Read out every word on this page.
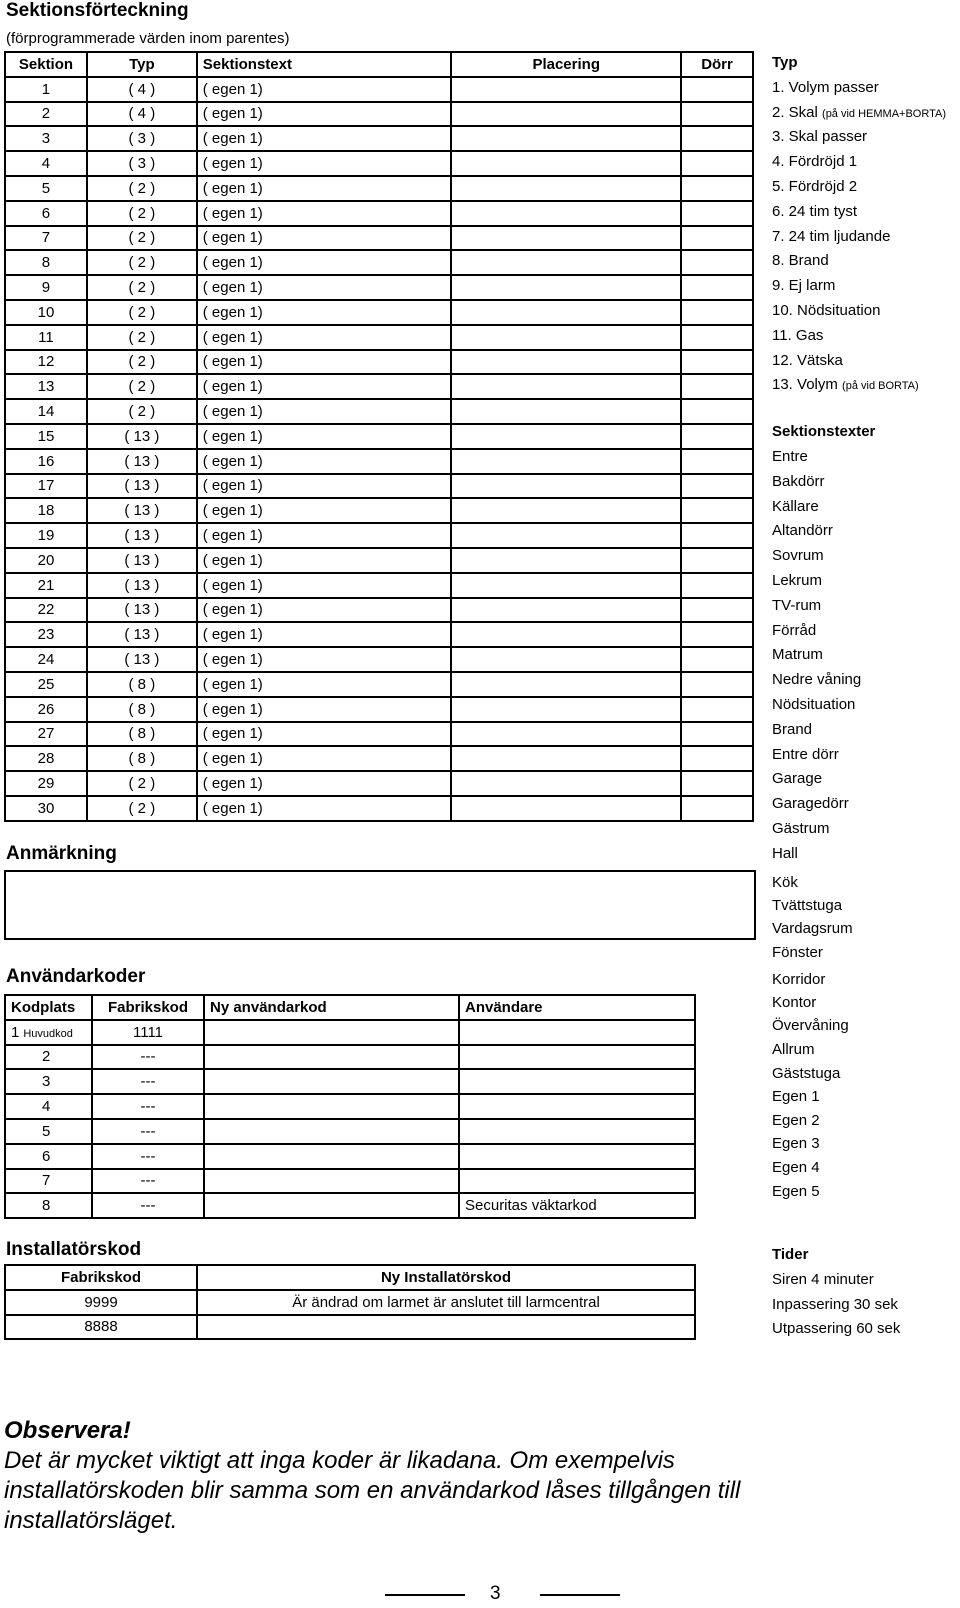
Sektionsförteckning
(förprogrammerade värden inom parentes)
Sektion	Typ	Sektionstext	Placering	Dörr
1	( 4 )	( egen 1)		
2	( 4 )	( egen 1)		
3	( 3 )	( egen 1)		
4	( 3 )	( egen 1)		
5	( 2 )	( egen 1)		
6	( 2 )	( egen 1)		
7	( 2 )	( egen 1)		
8	( 2 )	( egen 1)		
9	( 2 )	( egen 1)		
10	( 2 )	( egen 1)		
11	( 2 )	( egen 1)		
12	( 2 )	( egen 1)		
13	( 2 )	( egen 1)		
14	( 2 )	( egen 1)		
15	( 13 )	( egen 1)		
16	( 13 )	( egen 1)		
17	( 13 )	( egen 1)		
18	( 13 )	( egen 1)		
19	( 13 )	( egen 1)		
20	( 13 )	( egen 1)		
21	( 13 )	( egen 1)		
22	( 13 )	( egen 1)		
23	( 13 )	( egen 1)		
24	( 13 )	( egen 1)		
25	( 8 )	( egen 1)		
26	( 8 )	( egen 1)		
27	( 8 )	( egen 1)		
28	( 8 )	( egen 1)		
29	( 2 )	( egen 1)		
30	( 2 )	( egen 1)		
Typ
1. Volym passer
2. Skal (på vid HEMMA+BORTA)
3. Skal passer
4. Fördröjd 1
5. Fördröjd 2
6. 24 tim tyst
7. 24 tim ljudande
8. Brand
9. Ej larm
10. Nödsituation
11. Gas
12. Vätska
13. Volym (på vid BORTA)
Sektionstexter
Entre
Bakdörr
Källare
Altandörr
Sovrum
Lekrum
TV-rum
Förråd
Matrum
Nedre våning
Nödsituation
Brand
Entre dörr
Garage
Garagedörr
Gästrum
Hall
Kök
Tvättstuga
Vardagsrum
Fönster
Korridor
Kontor
Övervåning
Allrum
Gäststuga
Egen 1
Egen 2
Egen 3
Egen 4
Egen 5
Anmärkning
Användarkoder
Kodplats	Fabrikskod	Ny användarkod	Användare
1 Huvudkod	1111		
2	---		
3	---		
4	---		
5	---		
6	---		
7	---		
8	---		Securitas väktarkod
Installatörskod
Fabrikskod	Ny Installatörskod
9999	Är ändrad om larmet är anslutet till larmcentral
8888	
Tider
Siren 4 minuter
Inpassering 30 sek
Utpassering 60 sek
Observera!
Det är mycket viktigt att inga koder är likadana. Om exempelvis
installatörskoden blir samma som en användarkod låses tillgången till
installatörsläget.
3
